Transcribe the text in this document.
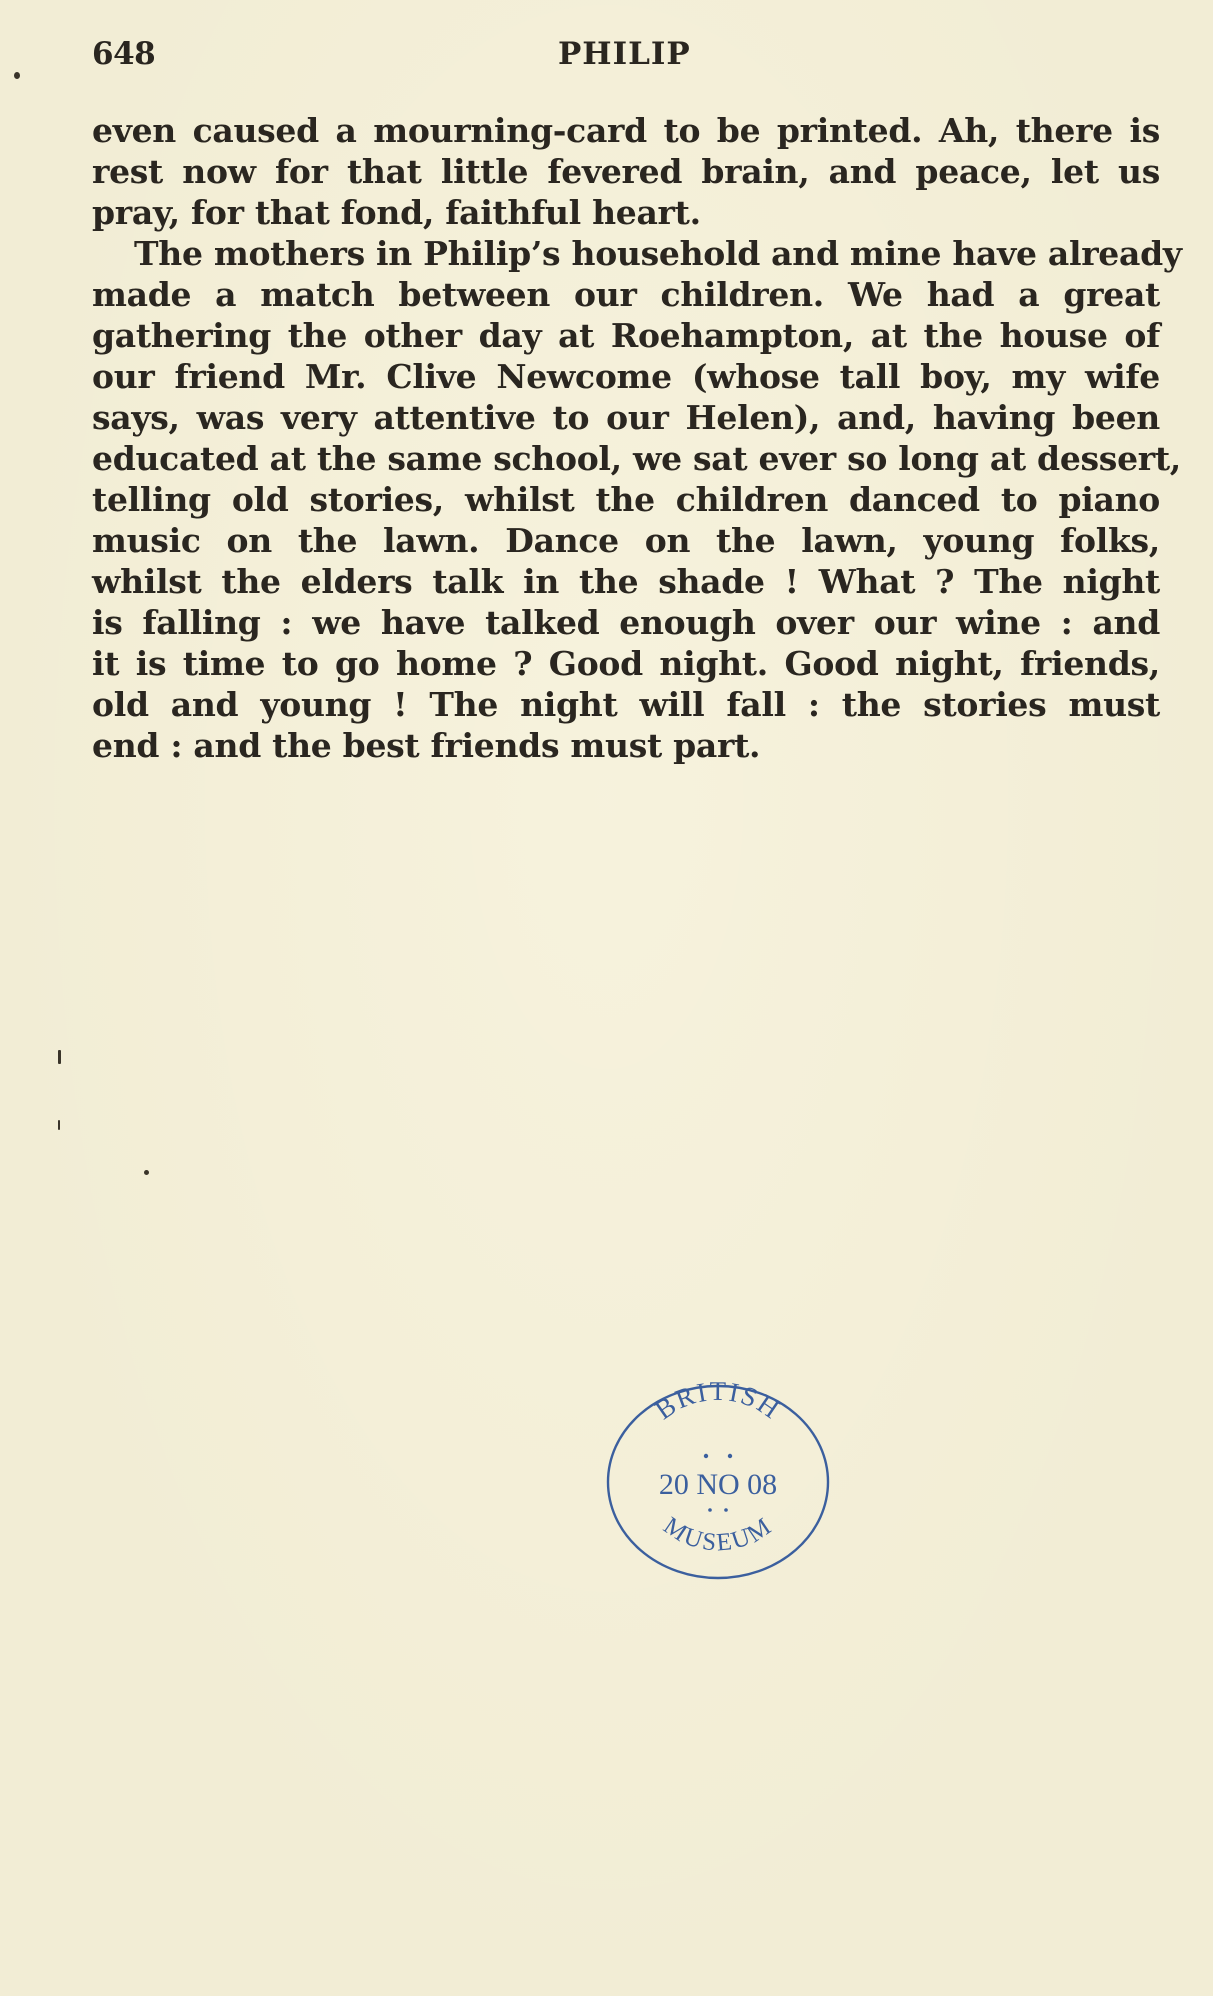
648	PHILIP
even caused a mourning-card to be printed. Ah, there is
rest now for that little fevered brain, and peace, let us
pray, for that fond, faithful heart.
The mothers in Philip’s household and mine have already
made a match between our children. We had a great
gathering the other day at Roehampton, at the house of
our friend Mr. Clive Newcome (whose tall boy, my wife
says, was very attentive to our Helen), and, having been
educated at the same school, we sat ever so long at dessert,
telling old stories, whilst the children danced to piano
music on the lawn. Dance on the lawn, young folks,
whilst the elders talk in the shade ! What ? The night
is falling : we have talked enough over our wine : and
it is time to go home ? Good night. Good night, friends,
old and young ! The night will fall : the stories must
end : and the best friends must part.
BRITISH
20 NO 08
MUSEUM
